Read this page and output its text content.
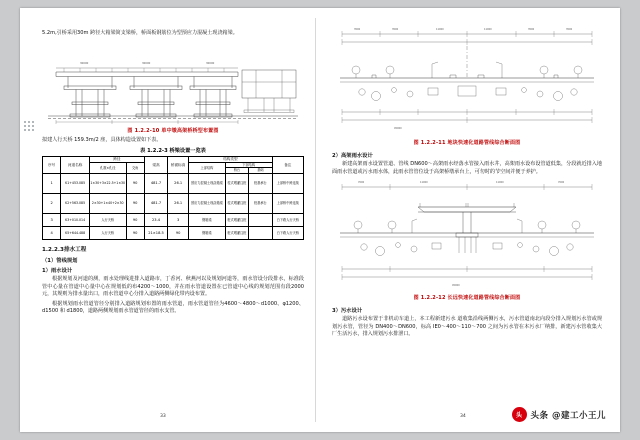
5.2m,引桥采用30m 跨径大箱梁简支梁桥，桥面板钢筋位为型预应力混凝土现浇箱梁。
30000	30000	30000
图 1.2.2-10 单中墩高架桥桥型布置图
拟建人行天桥 159.3m/2 座，具体构造设置如下表。
表 1.2.2-3 桥梁设置一览表
序号	河道名称	跨径		梁高	桥面标高	结构类型			备注
		孔数×孔径	交角			上部结构	下部结构		
							桥台	基础	
1	K1+453.085	1×30+3×22.5+1×30	90	481.7	26.1	预应力混凝土现浇箱梁	柱式墩灌注桩	桩基承台	上部桥中跨连续
2	K2+563.085	2×30+1×40+2×30	90	481.7	26.1	预应力混凝土现浇箱梁	柱式墩灌注桩	桩基承台	上部桥中跨连续
3	K3+010.014	人行天桥	90	23.4	3	钢箱梁	桩式墩灌注桩		白下路人行天桥
4	K5+644.488	人行天桥	90	21×18.5	90	钢箱梁	桩式墩灌注桩		白下路人行天桥
1.2.2.3排水工程
（1）管线规划
1）雨水设计
根据规划及河道的测，雨水处理线进排入道路市，丁香河、秋燕河以及规划河道等，雨水管设分段排水，标准段管中心量在管道中心量中心在规划低的布4200～1000，并在雨水管道设置在已管道中心线的规划范围有段2000元，其规则为排水量出口，雨水管道中心分排入道路两侧绿化带内设布置。
根据规划雨水管道管径分别排入道路规划布置的雨水管道，雨水管道管径为4600～4800～d1000、φ1200、d1500 和 d1800，道路两侧规划雨水管道管径的雨水支管。
33
3500	3500	11000	11000	3500	3500
45000
图 1.2.2-11 地块快速化道路管线综合断面图
2）高架雨水设计
新建高架雨水设置管道、管线 DN600～高架雨水经落水管接入雨水井，高架雨水设布设管道低集，分段就近排入地面雨水管道或污水雨水体，此雨水管管位设于高架桥墩承台上，可勿时的节空间并便于养护。
7000	11000	11000	7000
45000
图 1.2.2-12 长远快速化道路管线综合断面图
3）污水设计
道路污水设布置于非机动车道上，本工程新建污水 道收集沿线两侧污水，污水管道南北向段分排入规划污水管或规划污水管，管径为 DN400～DN600，标高 IE0～400～110～700 之间为污水管在本污水厂纳排，新建污水管收集大厂生活污水，排入规划污水排泄口。
34	头	头条 @建工小王儿
